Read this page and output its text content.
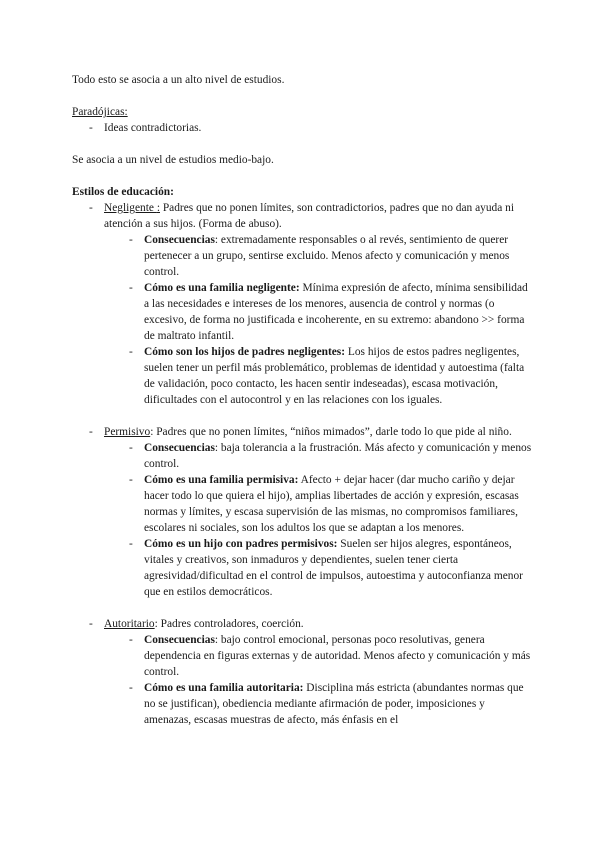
Todo esto se asocia a un alto nivel de estudios.

Paradójicas:

- Ideas contradictorias.

Se asocia a un nivel de estudios medio-bajo.

Estilos de educación:

- Negligente : Padres que no ponen límites, son contradictorios, padres que no dan ayuda ni atención a sus hijos. (Forma de abuso).
- Consecuencias: extremadamente responsables o al revés, sentimiento de querer pertenecer a un grupo, sentirse excluido. Menos afecto y comunicación y menos control.
- Cómo es una familia negligente: Mínima expresión de afecto, mínima sensibilidad a las necesidades e intereses de los menores, ausencia de control y normas (o excesivo, de forma no justificada e incoherente, en su extremo: abandono >> forma de maltrato infantil.
- Cómo son los hijos de padres negligentes: Los hijos de estos padres negligentes, suelen tener un perfil más problemático, problemas de identidad y autoestima (falta de validación, poco contacto, les hacen sentir indeseadas), escasa motivación, dificultades con el autocontrol y en las relaciones con los iguales.
- Permisivo: Padres que no ponen límites, “niños mimados”, darle todo lo que pide al niño.
- Consecuencias: baja tolerancia a la frustración. Más afecto y comunicación y menos control.
- Cómo es una familia permisiva: Afecto + dejar hacer (dar mucho cariño y dejar hacer todo lo que quiera el hijo), amplias libertades de acción y expresión, escasas normas y límites, y escasa supervisión de las mismas, no compromisos familiares, escolares ni sociales, son los adultos los que se adaptan a los menores.
- Cómo es un hijo con padres permisivos: Suelen ser hijos alegres, espontáneos, vitales y creativos, son inmaduros y dependientes, suelen tener cierta agresividad/dificultad en el control de impulsos, autoestima y autoconfianza menor que en estilos democráticos.
- Autoritario: Padres controladores, coerción.
- Consecuencias: bajo control emocional, personas poco resolutivas, genera dependencia en figuras externas y de autoridad. Menos afecto y comunicación y más control.
- Cómo es una familia autoritaria: Disciplina más estricta (abundantes normas que no se justifican), obediencia mediante afirmación de poder, imposiciones y amenazas, escasas muestras de afecto, más énfasis en el
